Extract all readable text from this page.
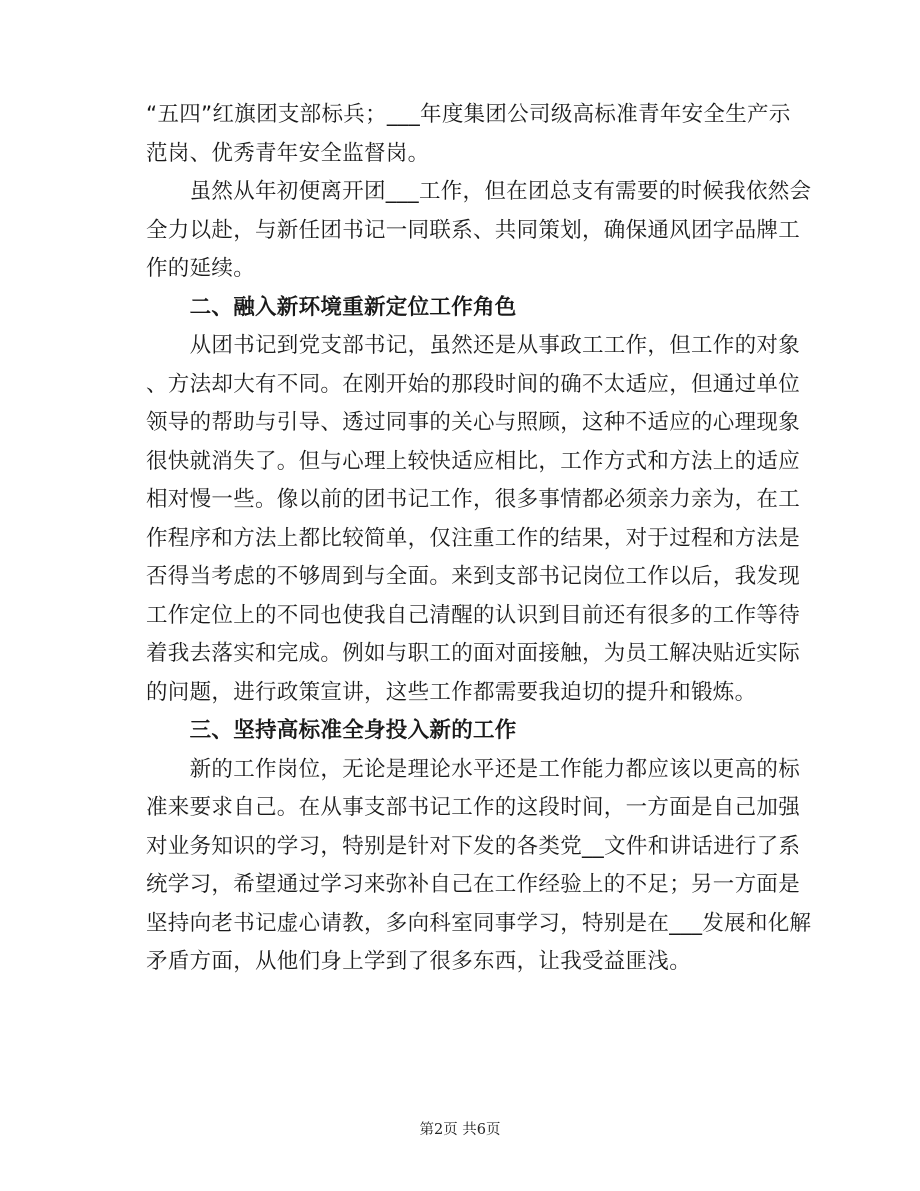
“五四”红旗团支部标兵；___年度集团公司级高标准青年安全生产示
范岗、优秀青年安全监督岗。
　　虽然从年初便离开团___工作，但在团总支有需要的时候我依然会
全力以赴，与新任团书记一同联系、共同策划，确保通风团字品牌工
作的延续。
　　二、融入新环境重新定位工作角色
　　从团书记到党支部书记，虽然还是从事政工工作，但工作的对象
、方法却大有不同。在刚开始的那段时间的确不太适应，但通过单位
领导的帮助与引导、透过同事的关心与照顾，这种不适应的心理现象
很快就消失了。但与心理上较快适应相比，工作方式和方法上的适应
相对慢一些。像以前的团书记工作，很多事情都必须亲力亲为，在工
作程序和方法上都比较简单，仅注重工作的结果，对于过程和方法是
否得当考虑的不够周到与全面。来到支部书记岗位工作以后，我发现
工作定位上的不同也使我自己清醒的认识到目前还有很多的工作等待
着我去落实和完成。例如与职工的面对面接触，为员工解决贴近实际
的问题，进行政策宣讲，这些工作都需要我迫切的提升和锻炼。
　　三、坚持高标准全身投入新的工作
　　新的工作岗位，无论是理论水平还是工作能力都应该以更高的标
准来要求自己。在从事支部书记工作的这段时间，一方面是自己加强
对业务知识的学习，特别是针对下发的各类党__文件和讲话进行了系
统学习，希望通过学习来弥补自己在工作经验上的不足；另一方面是
坚持向老书记虚心请教，多向科室同事学习，特别是在___发展和化解
矛盾方面，从他们身上学到了很多东西，让我受益匪浅。
第2页 共6页
